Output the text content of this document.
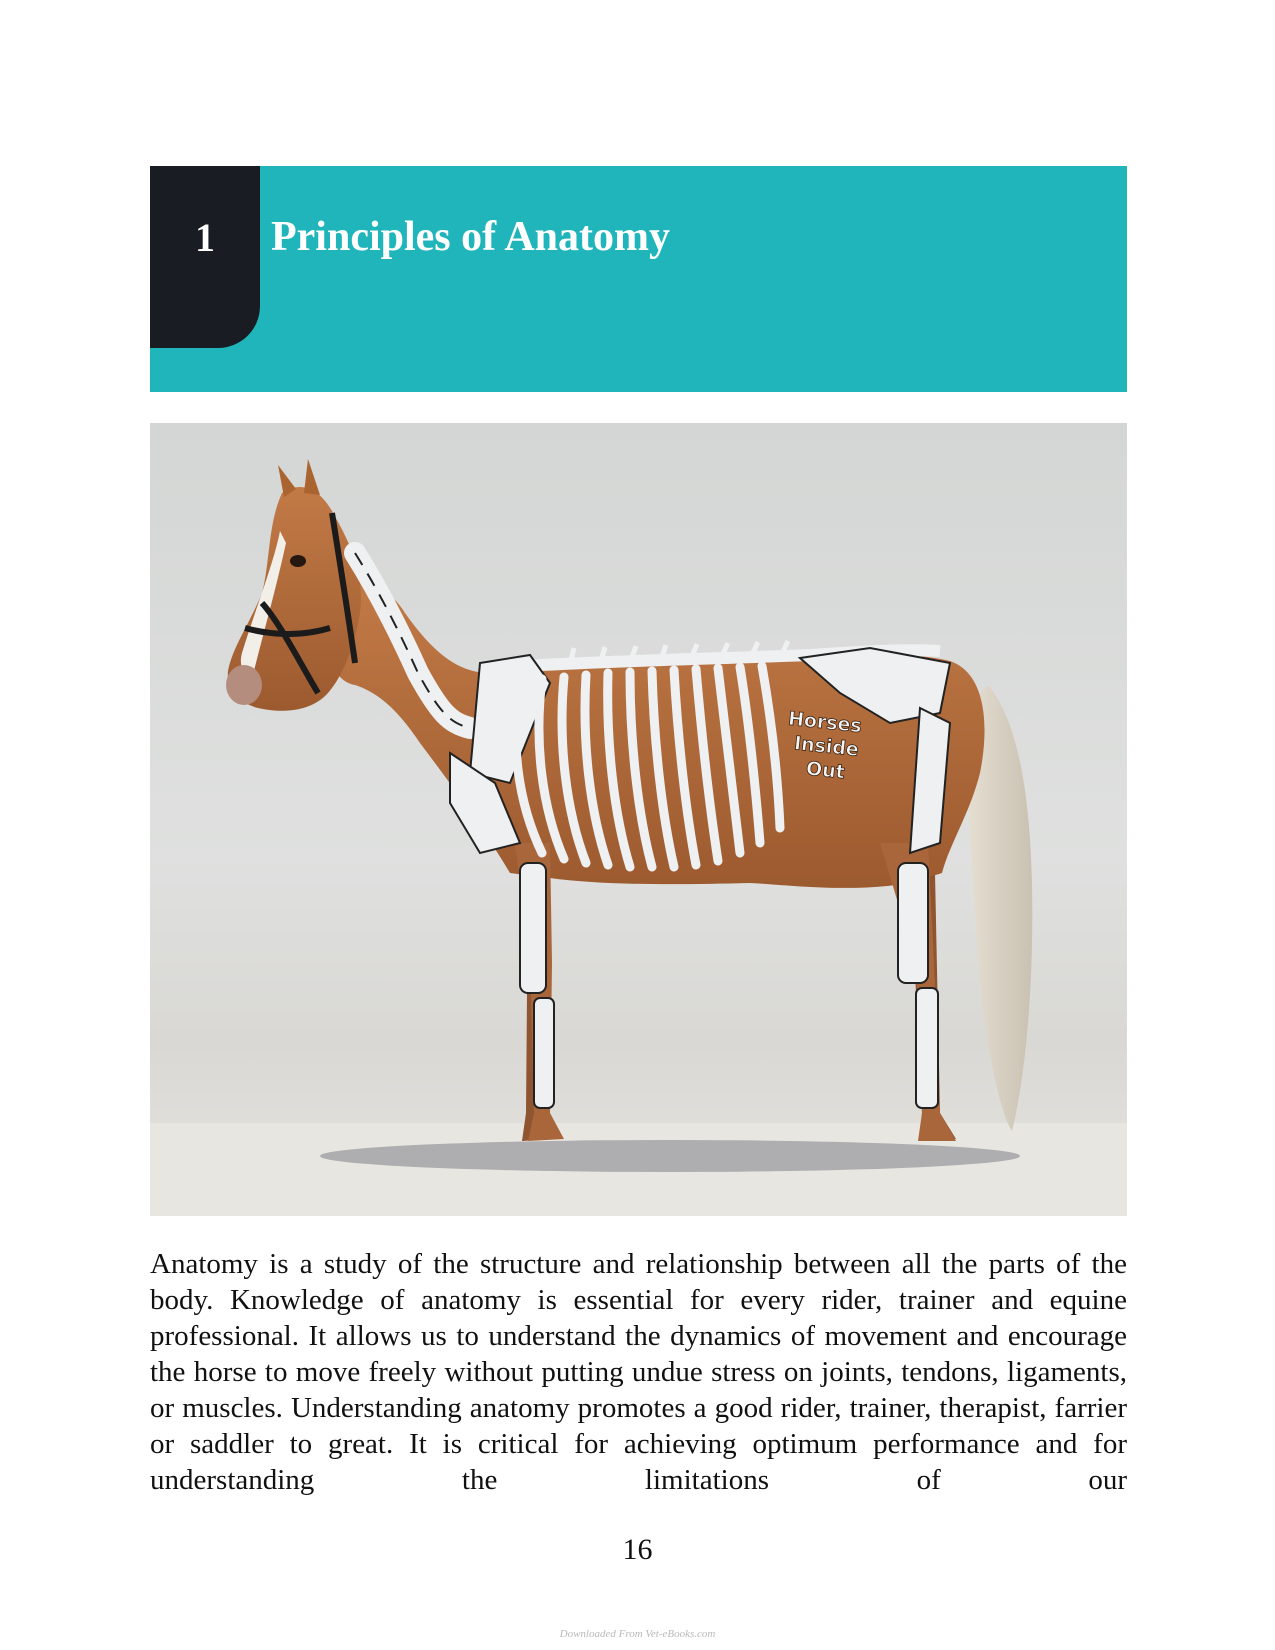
1	Principles of Anatomy
Horses
Inside
Out

Anatomy is a study of the structure and relationship between all the parts of the body. Knowledge of anatomy is essential for every rider, trainer and equine professional. It allows us to understand the dynamics of movement and encourage the horse to move freely without putting undue stress on joints, tendons, ligaments, or muscles. Understanding anatomy promotes a good rider, trainer, therapist, farrier or saddler to great. It is critical for achieving optimum performance and for understanding the limitations of our

16
Downloaded From Vet-eBooks.com
